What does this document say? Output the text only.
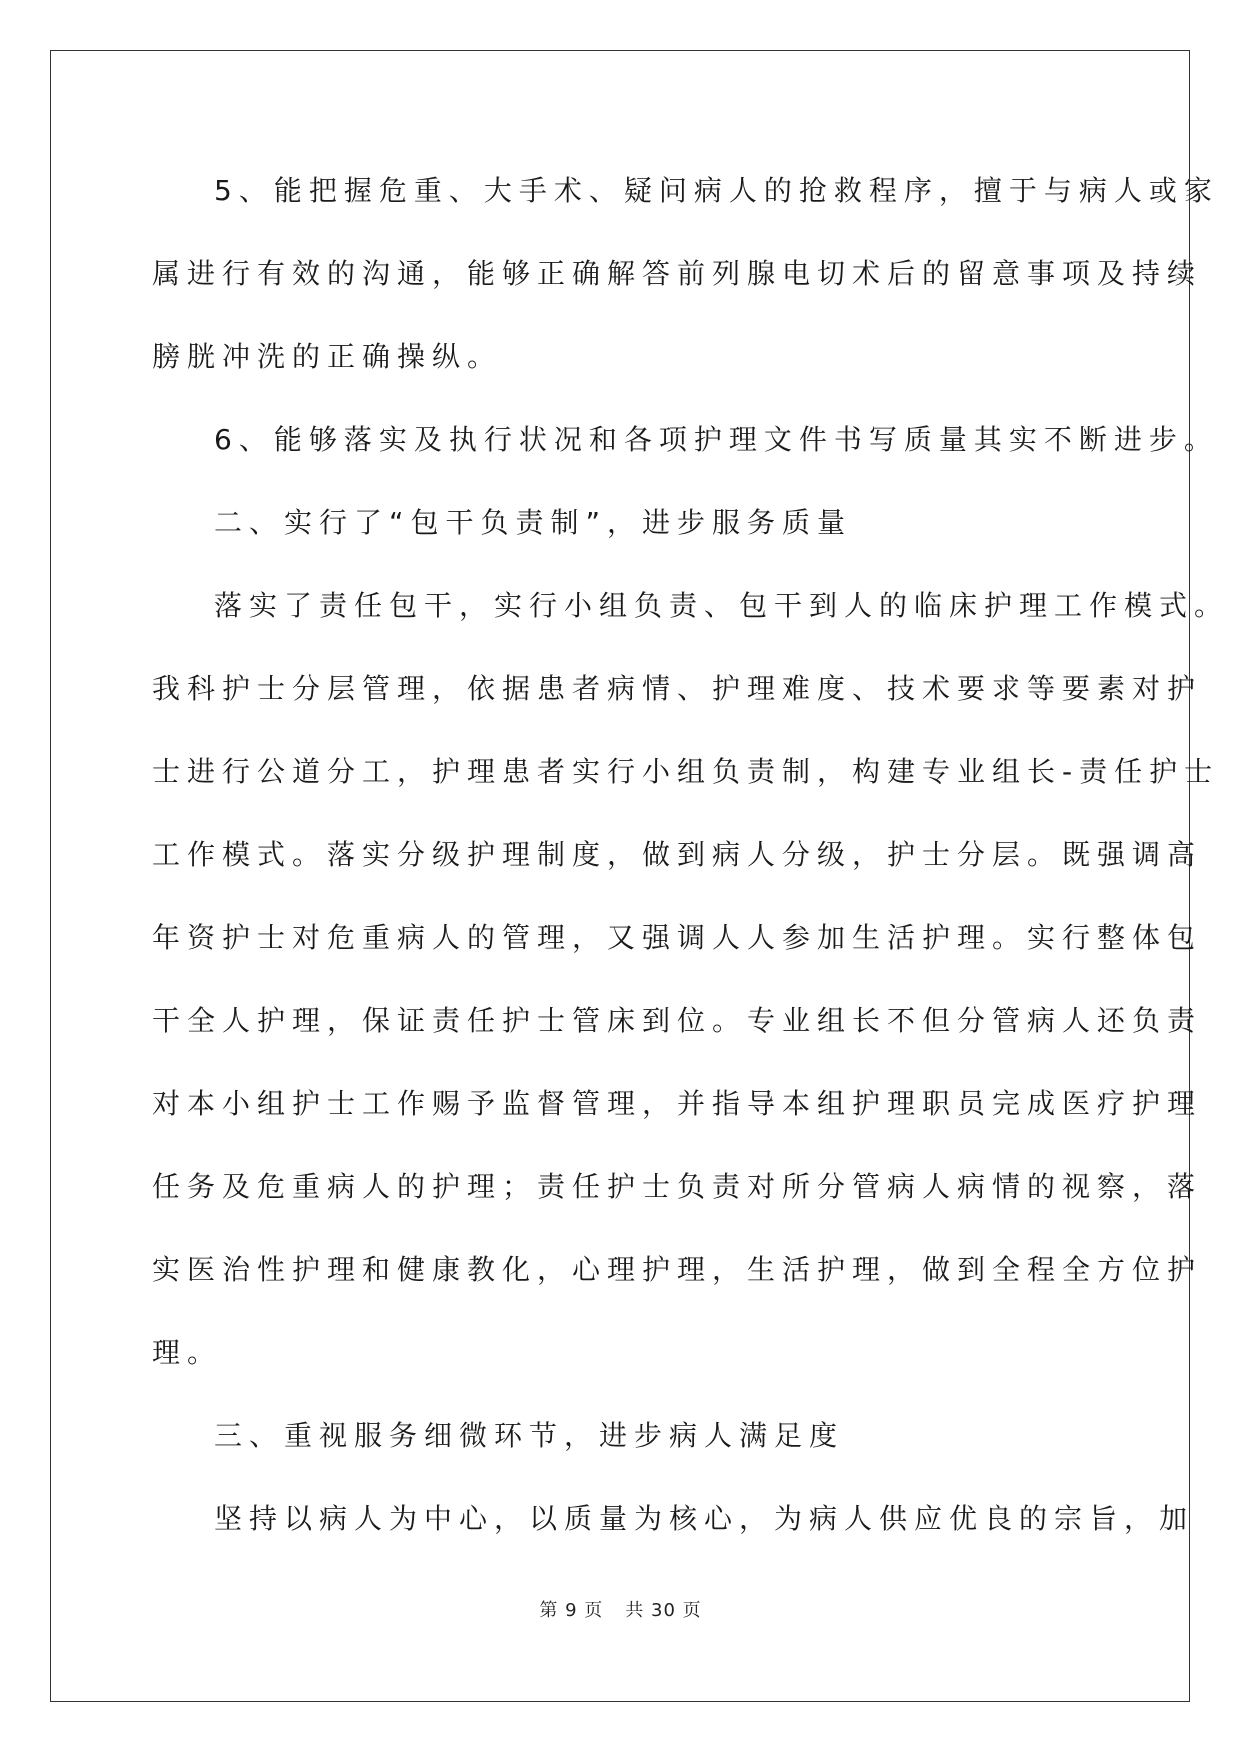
5、能把握危重、大手术、疑问病人的抢救程序，擅于与病人或家
属进行有效的沟通，能够正确解答前列腺电切术后的留意事项及持续
膀胱冲洗的正确操纵。
6、能够落实及执行状况和各项护理文件书写质量其实不断进步。
二、实行了“包干负责制”，进步服务质量
落实了责任包干，实行小组负责、包干到人的临床护理工作模式。
我科护士分层管理，依据患者病情、护理难度、技术要求等要素对护
士进行公道分工，护理患者实行小组负责制，构建专业组长-责任护士
工作模式。落实分级护理制度，做到病人分级，护士分层。既强调高
年资护士对危重病人的管理，又强调人人参加生活护理。实行整体包
干全人护理，保证责任护士管床到位。专业组长不但分管病人还负责
对本小组护士工作赐予监督管理，并指导本组护理职员完成医疗护理
任务及危重病人的护理；责任护士负责对所分管病人病情的视察，落
实医治性护理和健康教化，心理护理，生活护理，做到全程全方位护
理。
三、重视服务细微环节，进步病人满足度
坚持以病人为中心，以质量为核心，为病人供应优良的宗旨，加
第 9 页 共 30 页
